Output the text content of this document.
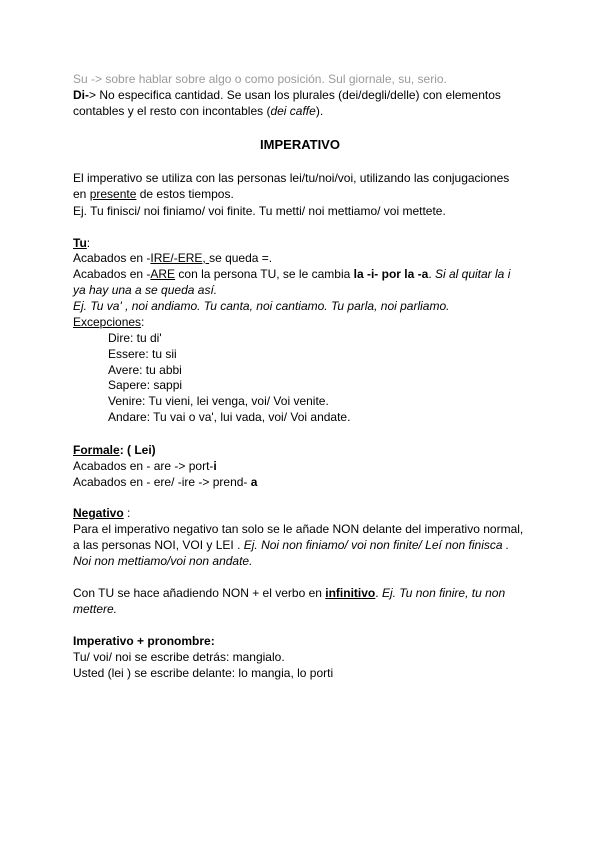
Su -> sobre hablar sobre algo o como posición. Sul giornale, su, serio.
Di-> No especifica cantidad. Se usan los plurales (dei/degli/delle) con elementos
contables y el resto con incontables (dei caffe).
IMPERATIVO
El imperativo se utiliza con las personas lei/tu/noi/voi, utilizando las conjugaciones
en presente de estos tiempos.
Ej. Tu finisci/ noi finiamo/ voi finite. Tu metti/ noi mettiamo/ voi mettete.
Tu:
Acabados en -IRE/-ERE, se queda =.
Acabados en -ARE con la persona TU, se le cambia la -i- por la -a. Si al quitar la i
ya hay una a se queda así.
Ej. Tu va' , noi andiamo. Tu canta, noi cantiamo. Tu parla, noi parliamo.
Excepciones:
Dire: tu di'
Essere: tu sii
Avere: tu abbi
Sapere: sappi
Venire: Tu vieni, lei venga, voi/ Voi venite.
Andare: Tu vai o va', lui vada, voi/ Voi andate.
Formale: ( Lei)
Acabados en - are -> port-i
Acabados en - ere/ -ire -> prend- a
Negativo :
Para el imperativo negativo tan solo se le añade NON delante del imperativo normal,
a las personas NOI, VOI y LEI . Ej. Noi non finiamo/ voi non finite/ Leí non finisca .
Noi non mettiamo/voi non andate.
Con TU se hace añadiendo NON + el verbo en infinitivo. Ej. Tu non finire, tu non
mettere.
Imperativo + pronombre:
Tu/ voi/ noi se escribe detrás: mangialo.
Usted (lei ) se escribe delante: lo mangia, lo porti
